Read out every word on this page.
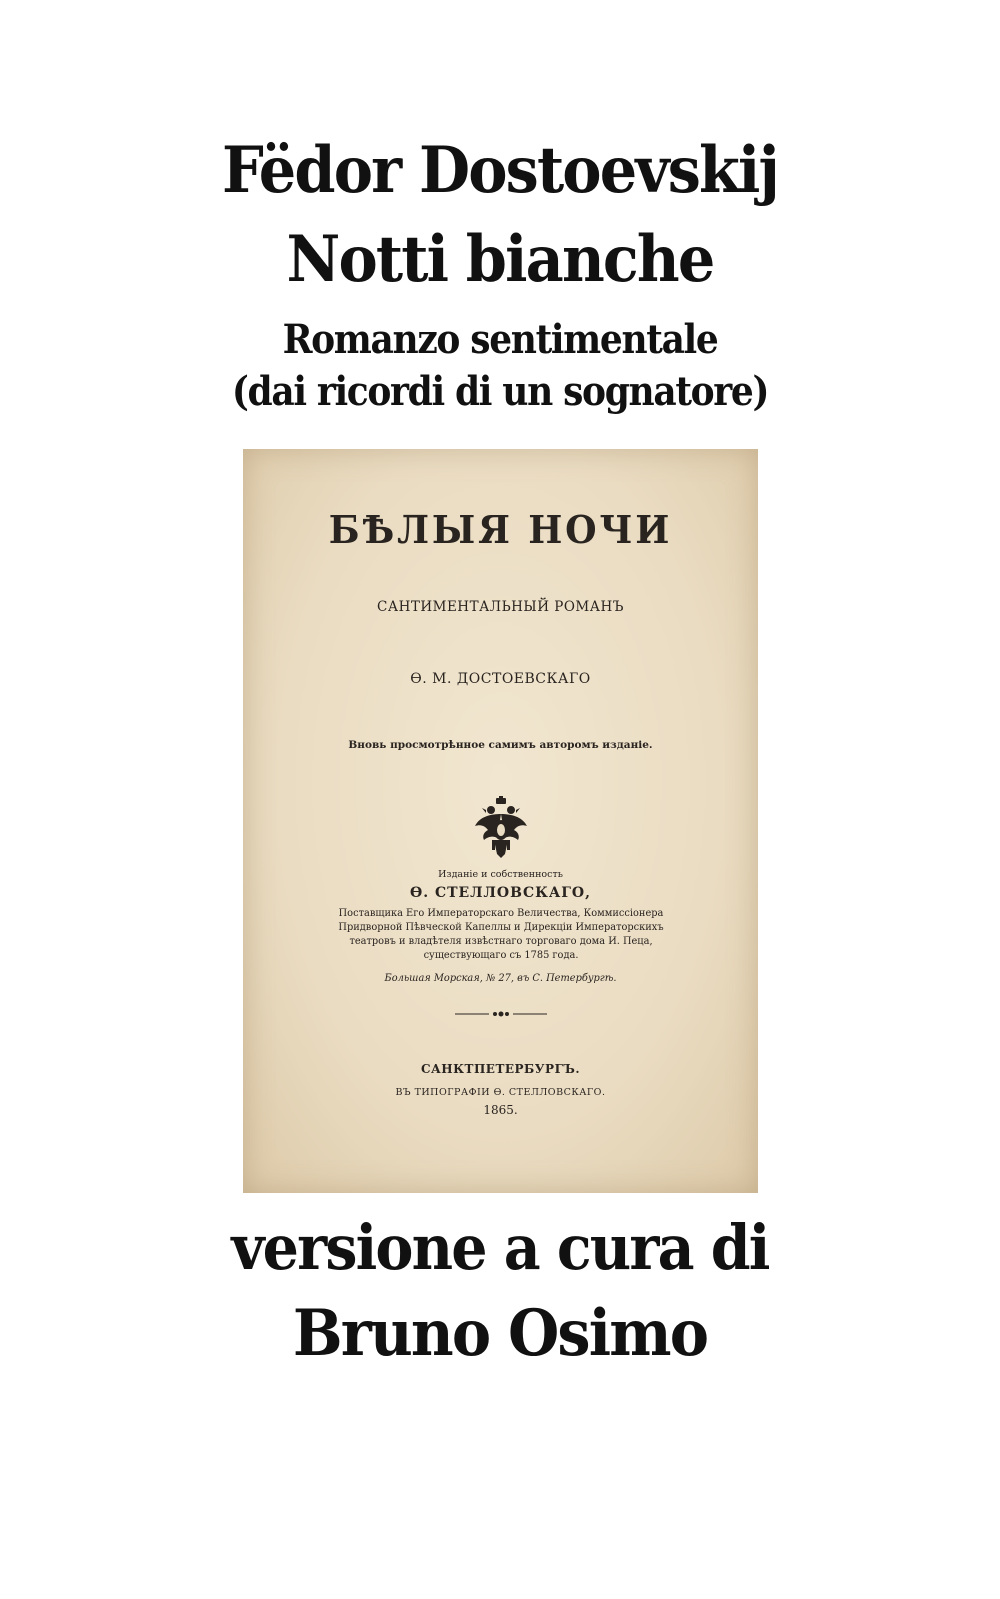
Fëdor Dostoevskij
Notti bianche
Romanzo sentimentale
(dai ricordi di un sognatore)
БѢЛЫЯ НОЧИ
САНТИМЕНТАЛЬНЫЙ РОМАНЪ
Ѳ. М. ДОСТОЕВСКАГО
Вновь просмотрѣнное самимъ авторомъ изданіе.
Изданіе и собственность
Ѳ. СТЕЛЛОВСКАГО,
Поставщика Его Императорскаго Величества, Коммиссіонера
Придворной Пѣвческой Капеллы и Дирекціи Императорскихъ
театровъ и владѣтеля извѣстнаго торговаго дома И. Пеца,
существующаго съ 1785 года.
Большая Морская, № 27, въ С. Петербургѣ.
САНКТПЕТЕРБУРГЪ.
ВЪ ТИПОГРАФІИ Ѳ. СТЕЛЛОВСКАГО.
1865.
versione a cura di
Bruno Osimo
